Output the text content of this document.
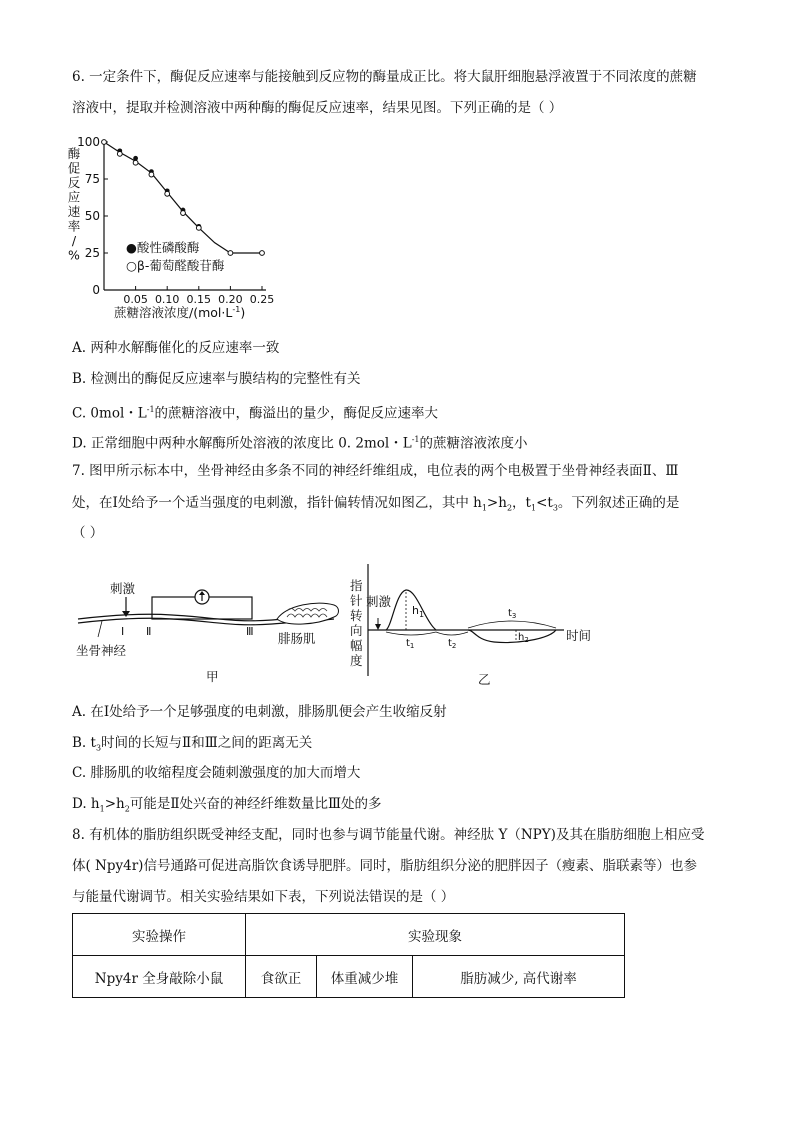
6. 一定条件下，酶促反应速率与能接触到反应物的酶量成正比。将大鼠肝细胞悬浮液置于不同浓度的蔗糖
溶液中，提取并检测溶液中两种酶的酶促反应速率，结果见图。下列正确的是（ ）
100
75
50
25
0
0.05 0.10 0.15 0.20 0.25
酶
促
反
应
速
率
/
%
蔗糖溶液浓度$/(mol\cdot L^{-1})$
●酸性磷酸酶
○β-葡萄醛酸苷酶
A. 两种水解酶催化的反应速率一致
B. 检测出的酶促反应速率与膜结构的完整性有关
C. 0mol・$L^{-1}$的蔗糖溶液中，酶溢出的量少，酶促反应速率大
D. 正常细胞中两种水解酶所处溶液的浓度比 0. 2mol・$L^{-1}$的蔗糖溶液浓度小
7. 图甲所示标本中，坐骨神经由多条不同的神经纤维组成，电位表的两个电极置于坐骨神经表面Ⅱ、Ⅲ
处，在Ⅰ处给予一个适当强度的电刺激，指针偏转情况如图乙，其中 $h_1>h_2$，$t_1<t_3$。下列叙述正确的是
（ ）
刺激
Ⅰ Ⅱ	Ⅲ 腓肠肌
坐骨神经
甲
指
针
转
向
幅
度
刺激
$h_1$
$t_1$	$t_2$
$t_3$
$h_2$	时间
乙
A. 在Ⅰ处给予一个足够强度的电刺激，腓肠肌便会产生收缩反射
B. $t_3$时间的长短与Ⅱ和Ⅲ之间的距离无关
C. 腓肠肌的收缩程度会随刺激强度的加大而增大
D. $h_1>h_2$可能是Ⅱ处兴奋的神经纤维数量比Ⅲ处的多
8. 有机体的脂肪组织既受神经支配，同时也参与调节能量代谢。神经肽 Y（NPY)及其在脂肪细胞上相应受
体( Npy4r)信号通路可促进高脂饮食诱导肥胖。同时，脂肪组织分泌的肥胖因子（瘦素、脂联素等）也参
与能量代谢调节。相关实验结果如下表，下列说法错误的是（ ）
实验操作	实验现象		
Npy4r 全身敲除小鼠	食欲正	体重减少堆	脂肪减少, 高代谢率
